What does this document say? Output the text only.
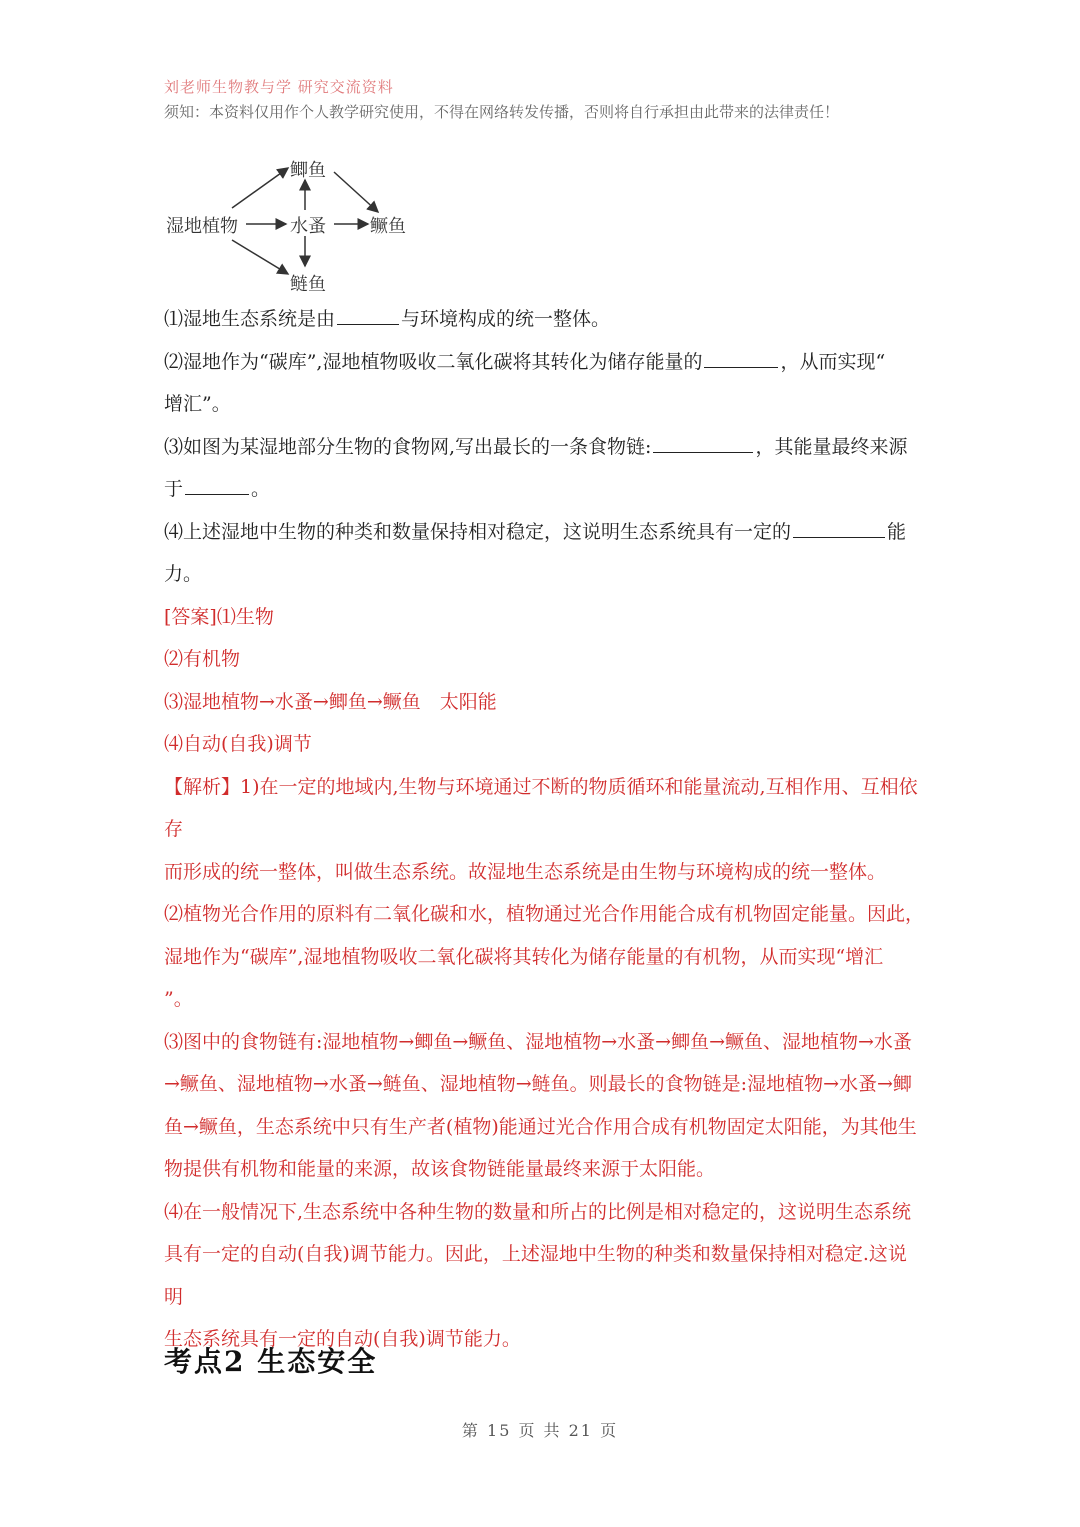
刘老师生物教与学 研究交流资料
须知：本资料仅用作个人教学研究使用，不得在网络转发传播，否则将自行承担由此带来的法律责任！
湿地植物
鲫鱼
水蚤 鳜鱼
鲢鱼

⑴湿地生态系统是由	与环境构成的统一整体。

⑵湿地作为“碳库”,湿地植物吸收二氧化碳将其转化为储存能量的	，从而实现“

增汇”。

⑶如图为某湿地部分生物的食物网,写出最长的一条食物链:	，其能量最终来源

于	。

⑷上述湿地中生物的种类和数量保持相对稳定，这说明生态系统具有一定的	能

力。

[答案]⑴生物

⑵有机物

⑶湿地植物→水蚤→鲫鱼→鳜鱼　太阳能

⑷自动(自我)调节

【解析】1)在一定的地域内,生物与环境通过不断的物质循环和能量流动,互相作用、互相依存

而形成的统一整体，叫做生态系统。故湿地生态系统是由生物与环境构成的统一整体。

⑵植物光合作用的原料有二氧化碳和水，植物通过光合作用能合成有机物固定能量。因此，

湿地作为“碳库”,湿地植物吸收二氧化碳将其转化为储存能量的有机物，从而实现“增汇

”。

⑶图中的食物链有:湿地植物→鲫鱼→鳜鱼、湿地植物→水蚤→鲫鱼→鳜鱼、湿地植物→水蚤

→鳜鱼、湿地植物→水蚤→鲢鱼、湿地植物→鲢鱼。则最长的食物链是:湿地植物→水蚤→鲫

鱼→鳜鱼，生态系统中只有生产者(植物)能通过光合作用合成有机物固定太阳能，为其他生

物提供有机物和能量的来源，故该食物链能量最终来源于太阳能。

⑷在一般情况下,生态系统中各种生物的数量和所占的比例是相对稳定的，这说明生态系统

具有一定的自动(自我)调节能力。因此，上述湿地中生物的种类和数量保持相对稳定.这说明

生态系统具有一定的自动(自我)调节能力。

考点2 生态安全
第 15 页 共 21 页
